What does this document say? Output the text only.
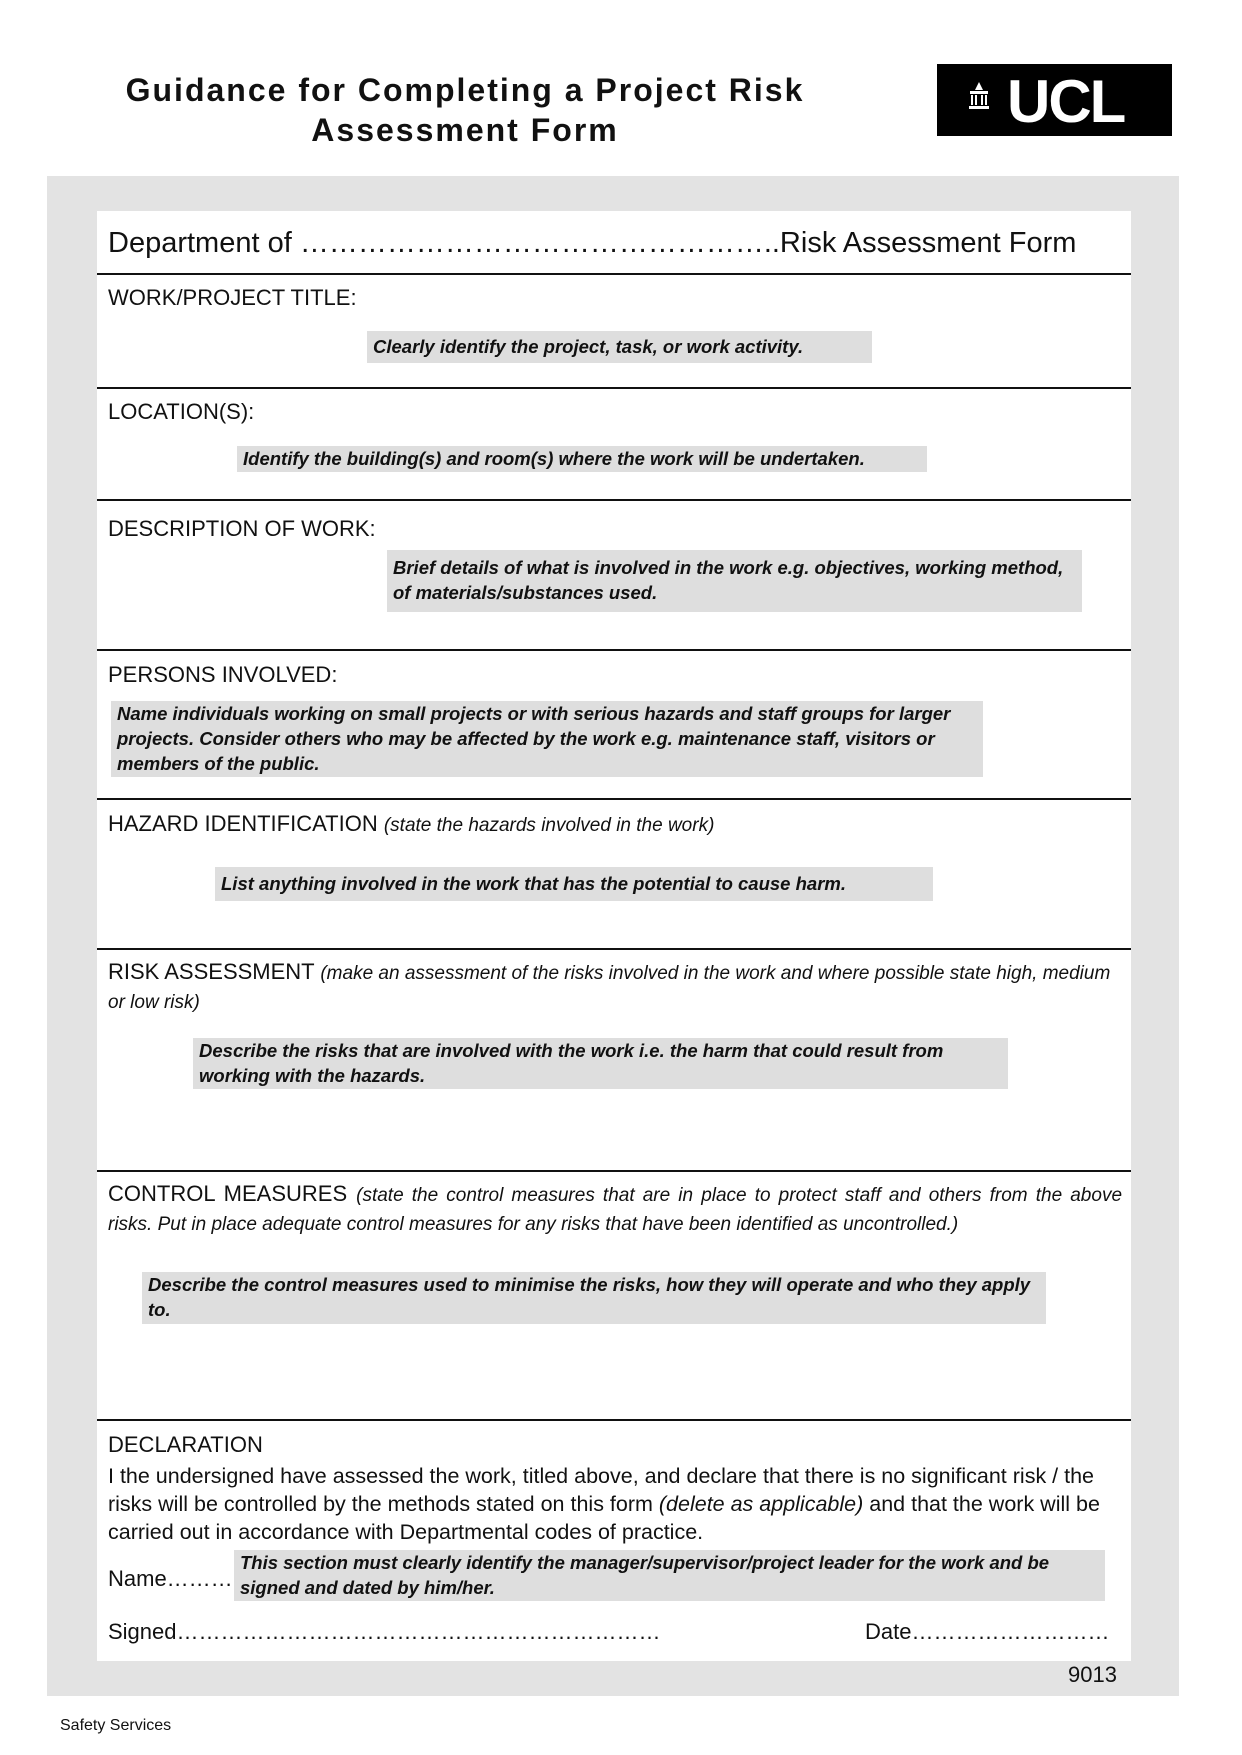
Guidance for Completing a Project Risk
Assessment Form	UCL
Department of …………………………………………..Risk Assessment Form
WORK/PROJECT TITLE:
Clearly identify the project, task, or work activity.
LOCATION(S):
Identify the building(s) and room(s) where the work will be undertaken.
DESCRIPTION OF WORK:
Brief details of what is involved in the work e.g. objectives, working method, of materials/substances used.
PERSONS INVOLVED:
Name individuals working on small projects or with serious hazards and staff groups for larger projects. Consider others who may be affected by the work e.g. maintenance staff, visitors or members of the public.
HAZARD IDENTIFICATION (state the hazards involved in the work)
List anything involved in the work that has the potential to cause harm.
RISK ASSESSMENT (make an assessment of the risks involved in the work and where possible state high, medium or low risk)
Describe the risks that are involved with the work i.e. the harm that could result from working with the hazards.
CONTROL MEASURES (state the control measures that are in place to protect staff and others from the above risks. Put in place adequate control measures for any risks that have been identified as uncontrolled.)
Describe the control measures used to minimise the risks, how they will operate and who they apply to.
DECLARATION
I the undersigned have assessed the work, titled above, and declare that there is no significant risk / the risks will be controlled by the methods stated on this form (delete as applicable) and that the work will be carried out in accordance with Departmental codes of practice.
Name………
This section must clearly identify the manager/supervisor/project leader for the work and be signed and dated by him/her.
Signed…………………………………………………………	Date………………………
9013
Safety Services
